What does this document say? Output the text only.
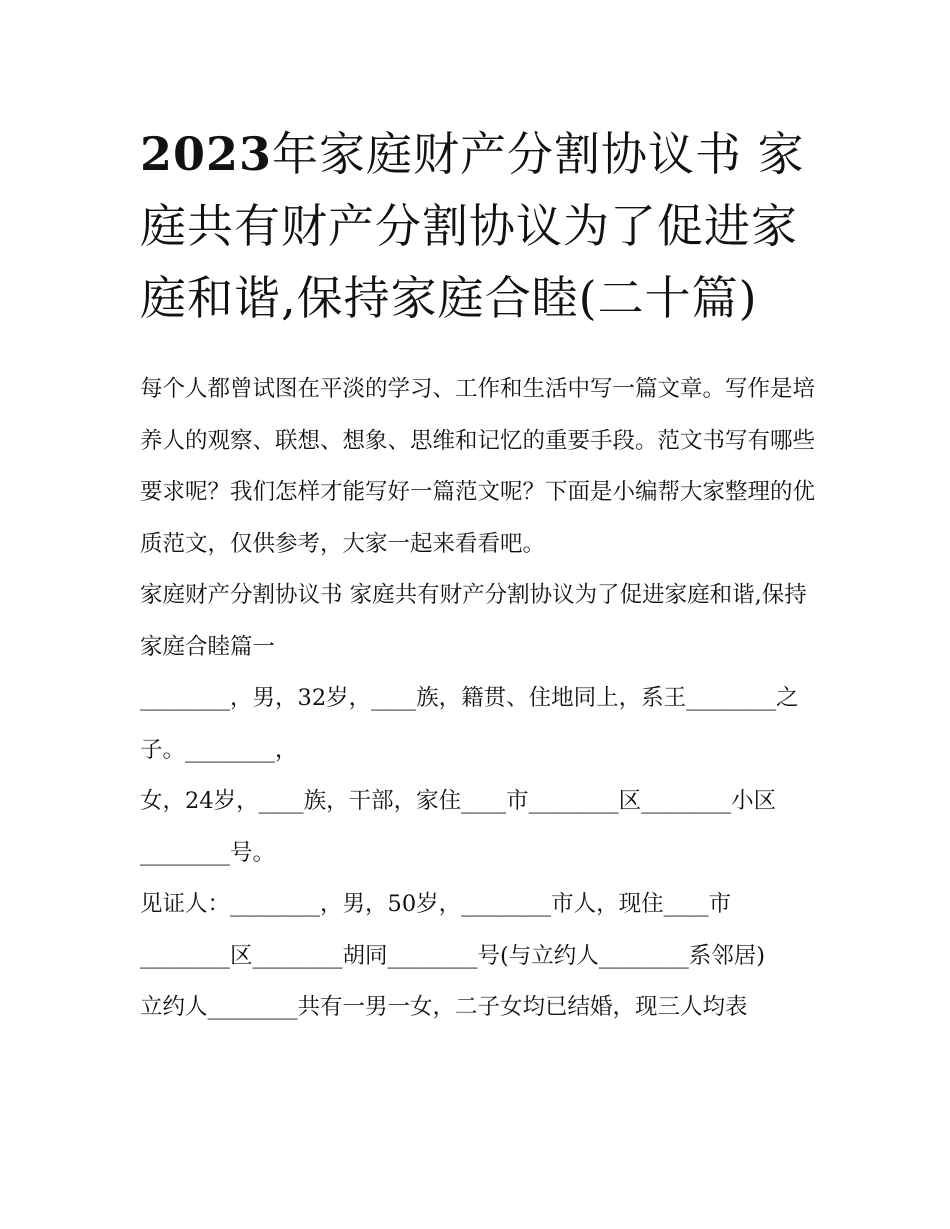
2023年家庭财产分割协议书 家庭共有财产分割协议为了促进家庭和谐,保持家庭合睦(二十篇)

每个人都曾试图在平淡的学习、工作和生活中写一篇文章。写作是培养人的观察、联想、想象、思维和记忆的重要手段。范文书写有哪些要求呢？我们怎样才能写好一篇范文呢？下面是小编帮大家整理的优质范文，仅供参考，大家一起来看看吧。

家庭财产分割协议书 家庭共有财产分割协议为了促进家庭和谐,保持家庭合睦篇一

________，男，32岁，____族，籍贯、住地同上，系王________之子。________，

女，24岁，____族，干部，家住____市________区________小区________号。

见证人：________，男，50岁，________市人，现住____市________区________胡同________号(与立约人________系邻居)

立约人________共有一男一女，二子女均已结婚，现三人均表
